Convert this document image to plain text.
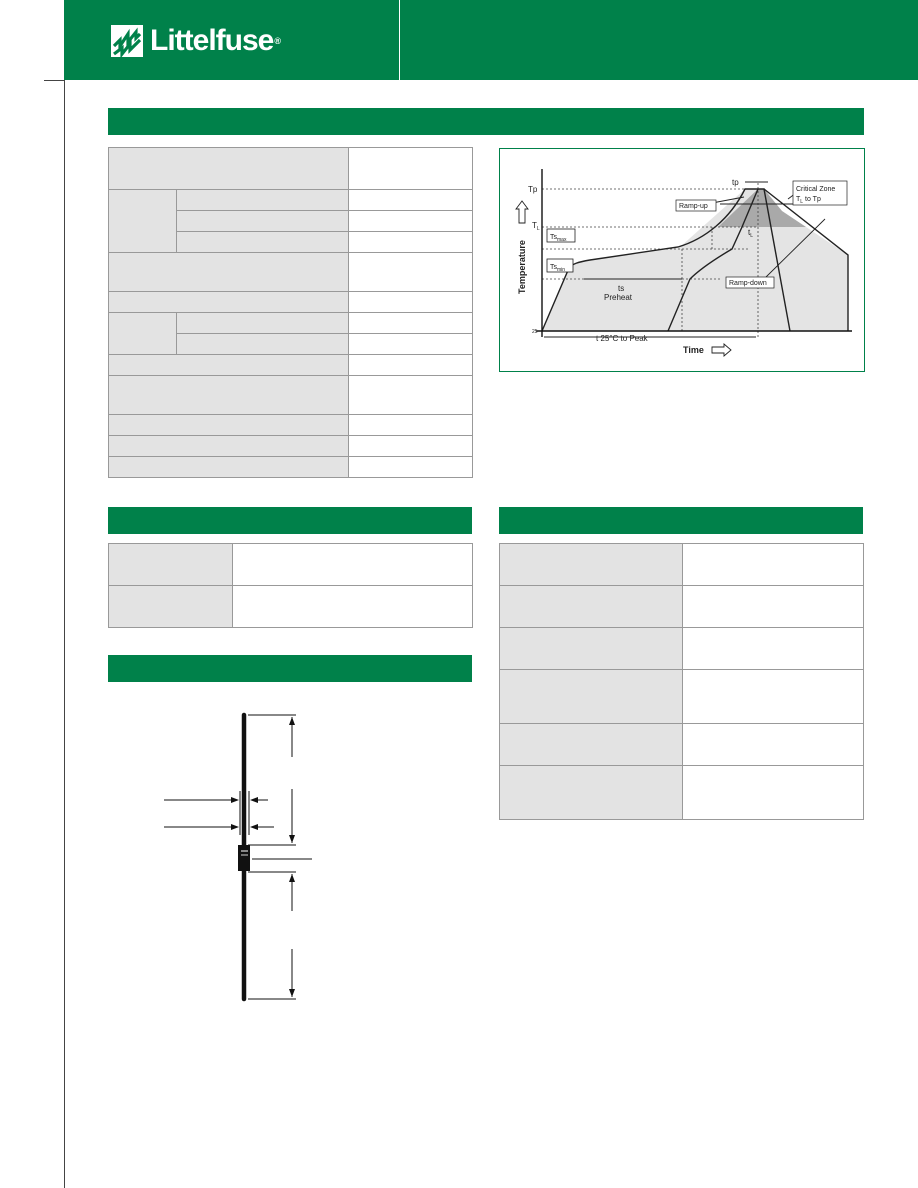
Littelfuse®

Tp
$T_L$
$Ts_{max}$
$Ts_{min}$
25
tp
$t_L$
ts
Preheat
Ramp-up
Ramp-down
Critical Zone
$T_L$ to Tp
t 25°C to Peak
Temperature
Time
